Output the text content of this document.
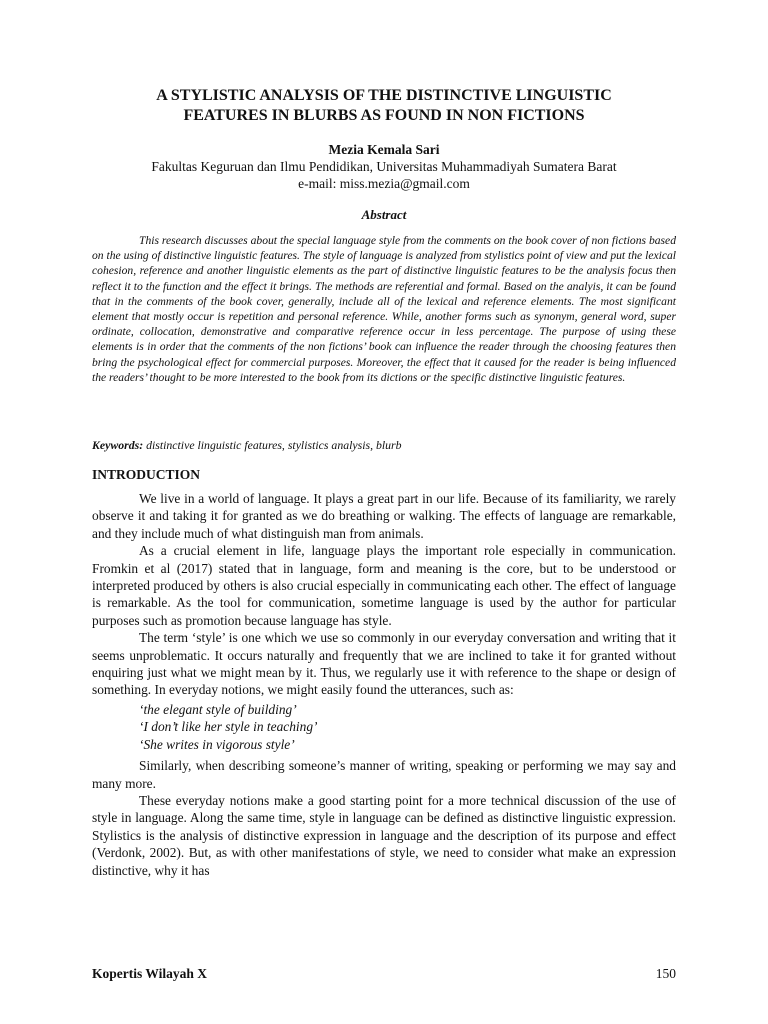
A STYLISTIC ANALYSIS OF THE DISTINCTIVE LINGUISTIC
FEATURES IN BLURBS AS FOUND IN NON FICTIONS
Mezia Kemala Sari
Fakultas Keguruan dan Ilmu Pendidikan, Universitas Muhammadiyah Sumatera Barat
e-mail: miss.mezia@gmail.com
Abstract

This research discusses about the special language style from the comments on the book cover of non fictions based on the using of distinctive linguistic features. The style of language is analyzed from stylistics point of view and put the lexical cohesion, reference and another linguistic elements as the part of distinctive linguistic features to be the analysis focus then reflect it to the function and the effect it brings. The methods are referential and formal. Based on the analyis, it can be found that in the comments of the book cover, generally, include all of the lexical and reference elements. The most significant element that mostly occur is repetition and personal reference. While, another forms such as synonym, general word, super ordinate, collocation, demonstrative and comparative reference occur in less percentage. The purpose of using these elements is in order that the comments of the non fictions’ book can influence the reader through the choosing features then bring the psychological effect for commercial purposes. Moreover, the effect that it caused for the reader is being influenced the readers’ thought to be more interested to the book from its dictions or the specific distinctive linguistic features.

Keywords: distinctive linguistic features, stylistics analysis, blurb

INTRODUCTION

We live in a world of language. It plays a great part in our life. Because of its familiarity, we rarely observe it and taking it for granted as we do breathing or walking. The effects of language are remarkable, and they include much of what distinguish man from animals.

As a crucial element in life, language plays the important role especially in communication. Fromkin et al (2017) stated that in language, form and meaning is the core, but to be understood or interpreted produced by others is also crucial especially in communicating each other. The effect of language is remarkable. As the tool for communication, sometime language is used by the author for particular purposes such as promotion because language has style.

The term ‘style’ is one which we use so commonly in our everyday conversation and writing that it seems unproblematic. It occurs naturally and frequently that we are inclined to take it for granted without enquiring just what we might mean by it. Thus, we regularly use it with reference to the shape or design of something. In everyday notions, we might easily found the utterances, such as:

‘the elegant style of building’

‘I don’t like her style in teaching’

‘She writes in vigorous style’

Similarly, when describing someone’s manner of writing, speaking or performing we may say and many more.

These everyday notions make a good starting point for a more technical discussion of the use of style in language. Along the same time, style in language can be defined as distinctive linguistic expression. Stylistics is the analysis of distinctive expression in language and the description of its purpose and effect (Verdonk, 2002). But, as with other manifestations of style, we need to consider what make an expression distinctive, why it has

Kopertis Wilayah X	150
